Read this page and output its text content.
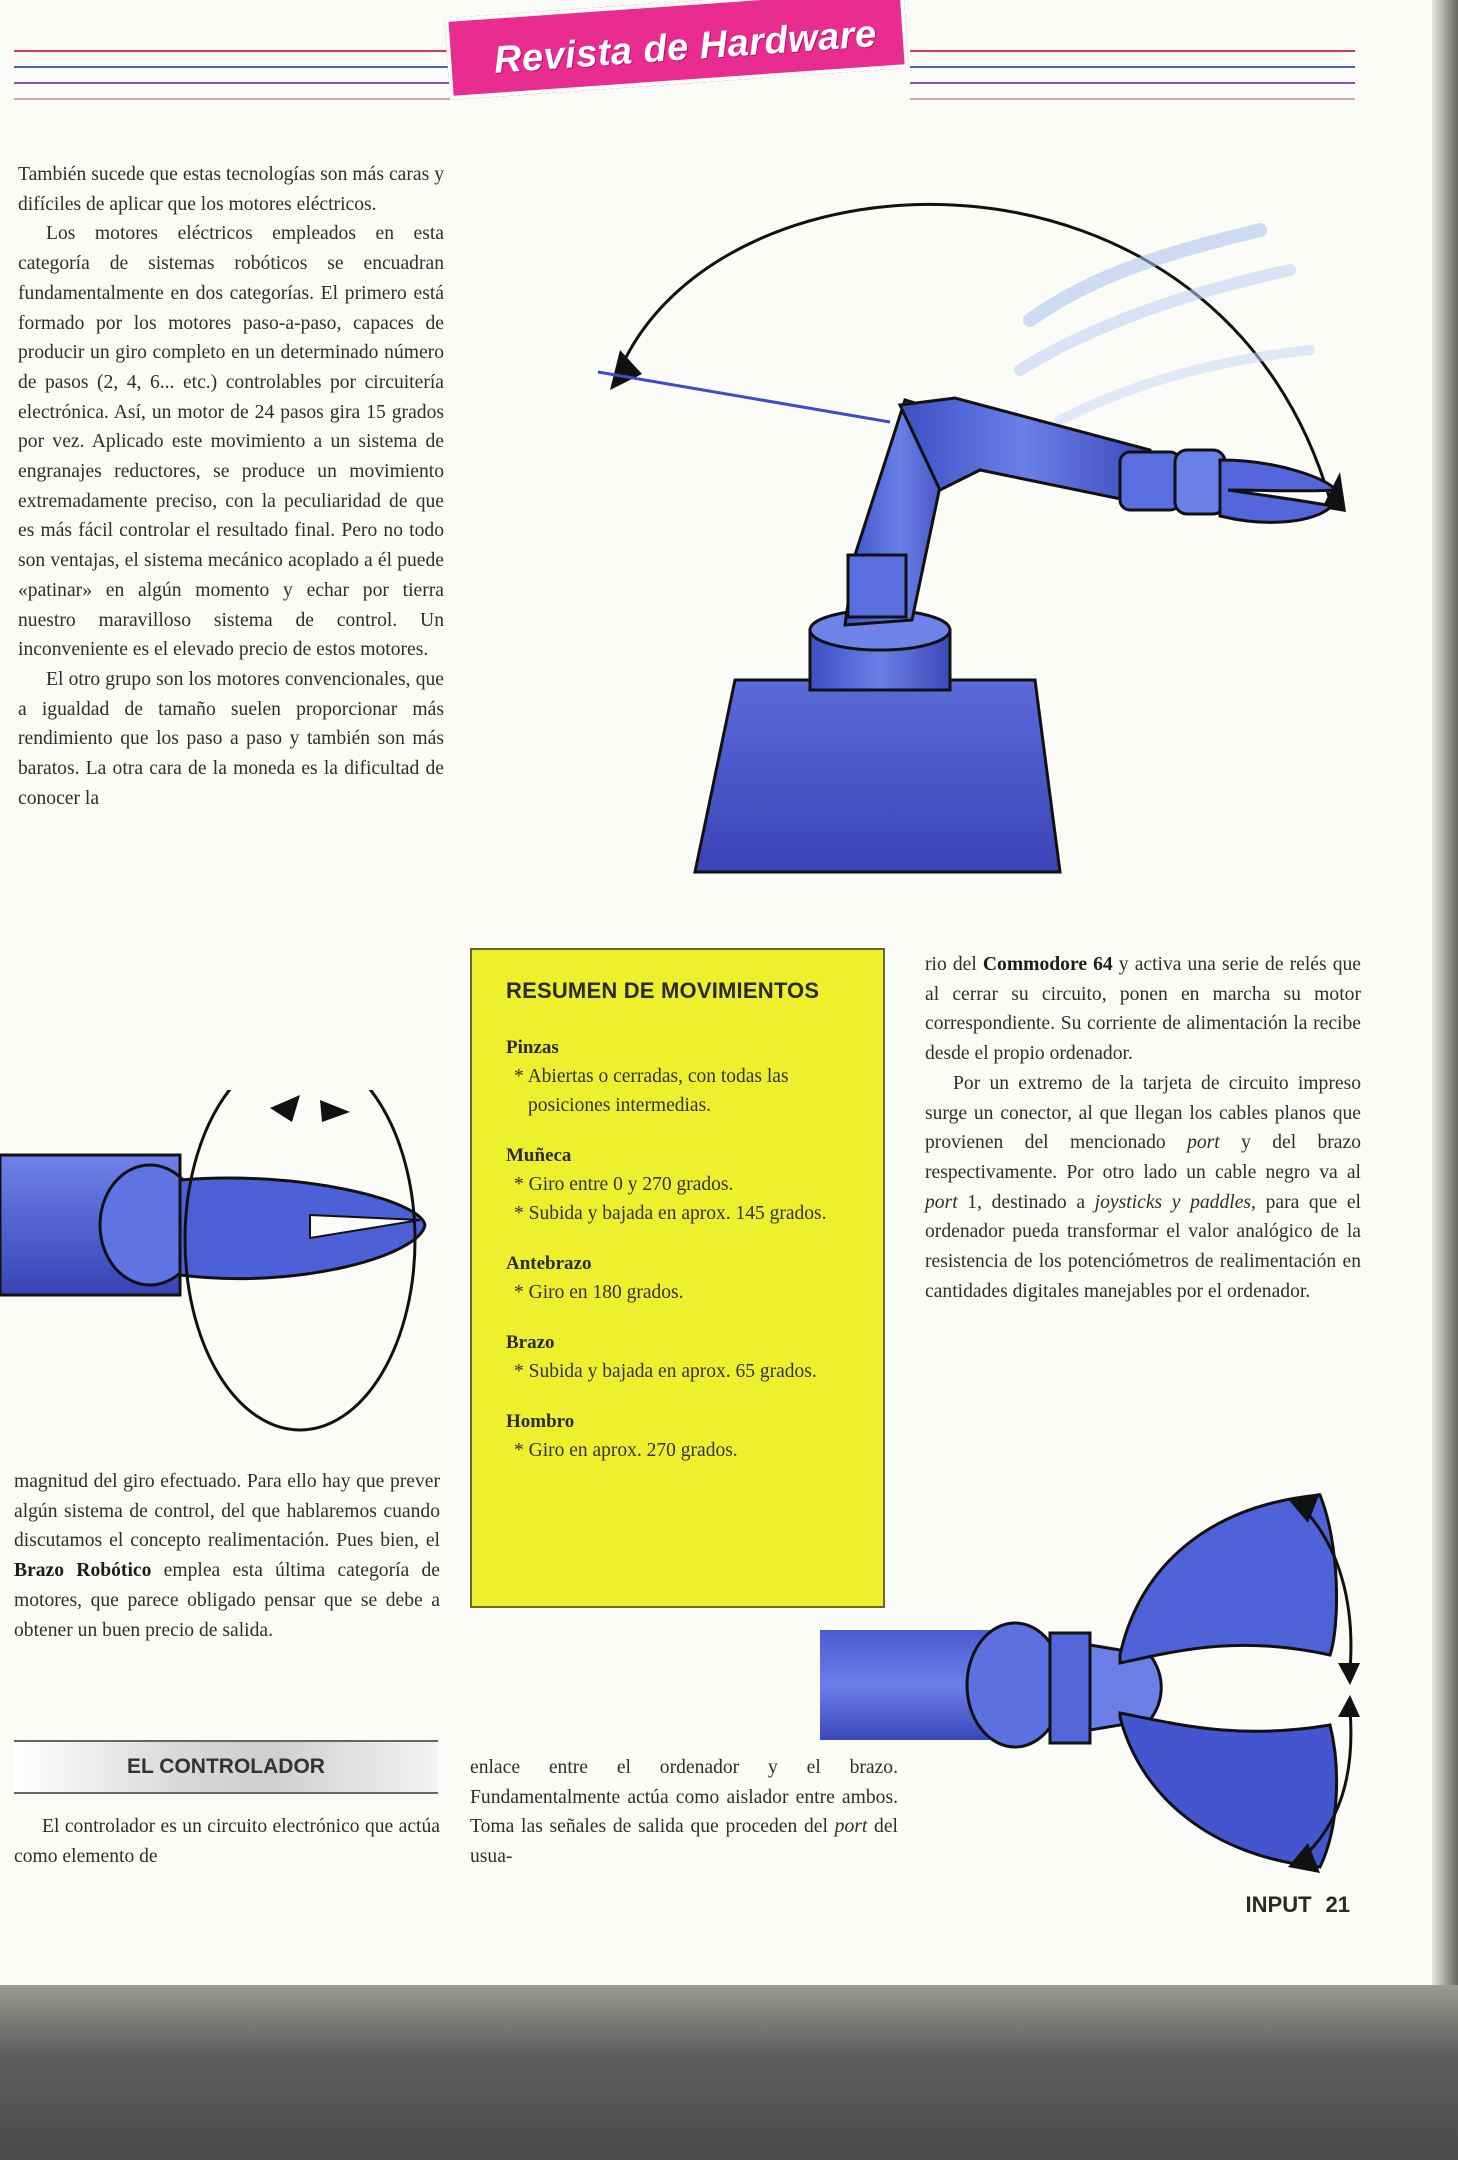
Revista de Hardware

También sucede que estas tecnologías son más caras y difíciles de aplicar que los motores eléctricos.

Los motores eléctricos empleados en esta categoría de sistemas robóticos se encuadran fundamentalmente en dos categorías. El primero está formado por los motores paso-a-paso, capaces de producir un giro completo en un determinado número de pasos (2, 4, 6... etc.) controlables por circuitería electrónica. Así, un motor de 24 pasos gira 15 grados por vez. Aplicado este movimiento a un sistema de engranajes reductores, se produce un movimiento extremadamente preciso, con la peculiaridad de que es más fácil controlar el resultado final. Pero no todo son ventajas, el sistema mecánico acoplado a él puede «patinar» en algún momento y echar por tierra nuestro maravilloso sistema de control. Un inconveniente es el elevado precio de estos motores.

El otro grupo son los motores convencionales, que a igualdad de tamaño suelen proporcionar más rendimiento que los paso a paso y también son más baratos. La otra cara de la moneda es la dificultad de conocer la

magnitud del giro efectuado. Para ello hay que prever algún sistema de control, del que hablaremos cuando discutamos el concepto realimentación. Pues bien, el Brazo Robótico emplea esta última categoría de motores, que parece obligado pensar que se debe a obtener un buen precio de salida.

EL CONTROLADOR

El controlador es un circuito electrónico que actúa como elemento de

enlace entre el ordenador y el brazo. Fundamentalmente actúa como aislador entre ambos. Toma las señales de salida que proceden del port del usua-

rio del Commodore 64 y activa una serie de relés que al cerrar su circuito, ponen en marcha su motor correspondiente. Su corriente de alimentación la recibe desde el propio ordenador.

Por un extremo de la tarjeta de circuito impreso surge un conector, al que llegan los cables planos que provienen del mencionado port y del brazo respectivamente. Por otro lado un cable negro va al port 1, destinado a joysticks y paddles, para que el ordenador pueda transformar el valor analógico de la resistencia de los potenciómetros de realimentación en cantidades digitales manejables por el ordenador.

RESUMEN DE MOVIMIENTOS
Pinzas
* Abiertas o cerradas, con todas las posiciones intermedias.
Muñeca
* Giro entre 0 y 270 grados.
* Subida y bajada en aprox. 145 grados.
Antebrazo
* Giro en 180 grados.
Brazo
* Subida y bajada en aprox. 65 grados.
Hombro
* Giro en aprox. 270 grados.
INPUT 21
